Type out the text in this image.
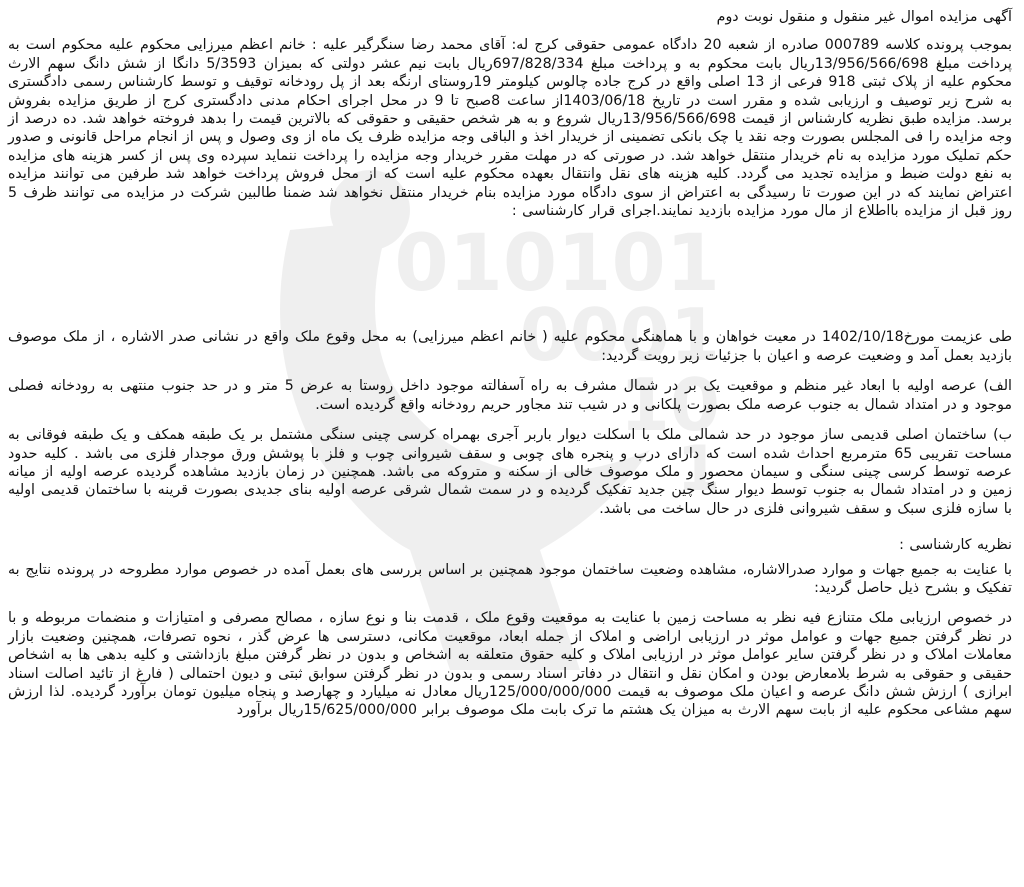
010101
0001
10
1
آگهی مزایده اموال غیر منقول و منقول نوبت دوم

بموجب پرونده کلاسه 000789 صادره از شعبه 20 دادگاه عمومی حقوقی کرج له: آقای محمد رضا سنگرگیر علیه : خانم اعظم میرزایی محکوم علیه محکوم است به پرداخت مبلغ 13/956/566/698ریال بابت محکوم به و پرداخت مبلغ 697/828/334ریال بابت نیم عشر دولتی که بمیزان 5/3593 دانگا از شش دانگ سهم الارث محکوم علیه از پلاک ثبتی 918 فرعی از 13 اصلی واقع در کرج جاده چالوس کیلومتر 19روستای ارنگه بعد از پل رودخانه توقیف و توسط کارشناس رسمی دادگستری به شرح زیر توصیف و ارزیابی شده و مقرر است در تاریخ 1403/06/18از ساعت 8صبح تا 9 در محل اجرای احکام مدنی دادگستری کرج از طریق مزایده بفروش برسد. مزایده طبق نظریه کارشناس از قیمت 13/956/566/698ریال شروع و به هر شخص حقیقی و حقوقی که بالاترین قیمت را بدهد فروخته خواهد شد. ده درصد از وجه مزایده را فی المجلس بصورت وجه نقد یا چک بانکی تضمینی از خریدار اخذ و الباقی وجه مزایده ظرف یک ماه از وی وصول و پس از انجام مراحل قانونی و صدور حکم تملیک مورد مزایده به نام خریدار منتقل خواهد شد. در صورتی که در مهلت مقرر خریدار وجه مزایده را پرداخت ننماید سپرده وی پس از کسر هزینه های مزایده به نفع دولت ضبط و مزایده تجدید می گردد. کلیه هزینه های نقل وانتقال بعهده محکوم علیه است که از محل فروش پرداخت خواهد شد طرفین می توانند مزایده اعتراض نمایند که در این صورت تا رسیدگی به اعتراض از سوی دادگاه مورد مزایده بنام خریدار منتقل نخواهد شد ضمنا طالبین شرکت در مزایده می توانند ظرف 5 روز قبل از مزایده بااطلاع از مال مورد مزایده بازدید نمایند.اجرای قرار کارشناسی :

طی عزیمت مورخ1402/10/18 در معیت خواهان و با هماهنگی محکوم علیه ( خانم اعظم میرزایی) به محل وقوع ملک واقع در نشانی صدر الاشاره ، از ملک موصوف بازدید بعمل آمد و وضعیت عرصه و اعیان با جزئیات زیر رویت گردید:

الف) عرصه اولیه با ابعاد غیر منظم و موقعیت یک بر در شمال مشرف به راه آسفالته موجود داخل روستا به عرض 5 متر و در حد جنوب منتهی به رودخانه فصلی موجود و در امتداد شمال به جنوب عرصه ملک بصورت پلکانی و در شیب تند مجاور حریم رودخانه واقع گردیده است.

ب) ساختمان اصلی قدیمی ساز موجود در حد شمالی ملک با اسکلت دیوار باربر آجری بهمراه کرسی چینی سنگی مشتمل بر یک طبقه همکف و یک طبقه فوقانی به مساحت تقریبی 65 مترمربع احداث شده است که دارای درب و پنجره های چوبی و سقف شیروانی چوب و فلز با پوشش ورق موجدار فلزی می باشد . کلیه حدود عرصه توسط کرسی چینی سنگی و سیمان محصور و ملک موصوف خالی از سکنه و متروکه می باشد. همچنین در زمان بازدید مشاهده گردیده عرصه اولیه از میانه زمین و در امتداد شمال به جنوب توسط دیوار سنگ چین جدید تفکیک گردیده و در سمت شمال شرقی عرصه اولیه بنای جدیدی بصورت قرینه با ساختمان قدیمی اولیه با سازه فلزی سبک و سقف شیروانی فلزی در حال ساخت می باشد.

نظریه کارشناسی :

با عنایت به جمیع جهات و موارد صدرالاشاره، مشاهده وضعیت ساختمان موجود همچنین بر اساس بررسی های بعمل آمده در خصوص موارد مطروحه در پرونده نتایج به تفکیک و بشرح ذیل حاصل گردید:

در خصوص ارزیابی ملک متنازع فیه نظر به مساحت زمین با عنایت به موقعیت وقوع ملک ، قدمت بنا و نوع سازه ، مصالح مصرفی و امتیازات و منضمات مربوطه و با در نظر گرفتن جمیع جهات و عوامل موثر در ارزیابی اراضی و املاک از جمله ابعاد، موقعیت مکانی، دسترسی ها عرض گذر ، نحوه تصرفات، همچنین وضعیت بازار معاملات املاک و در نظر گرفتن سایر عوامل موثر در ارزیابی املاک و کلیه حقوق متعلقه به اشخاص و بدون در نظر گرفتن مبلغ بازداشتی و کلیه بدهی ها به اشخاص حقیقی و حقوقی به شرط بلامعارض بودن و امکان نقل و انتقال در دفاتر اسناد رسمی و بدون در نظر گرفتن سوابق ثبتی و دیون احتمالی ( فارغ از تائید اصالت اسناد ابرازی ) ارزش شش دانگ عرصه و اعیان ملک موصوف به قیمت 125/000/000/000ریال معادل نه میلیارد و چهارصد و پنجاه میلیون تومان برآورد گردیده. لذا ارزش سهم مشاعی محکوم علیه از بابت سهم الارث به میزان یک هشتم ما ترک بابت ملک موصوف برابر 15/625/000/000ریال برآورد
